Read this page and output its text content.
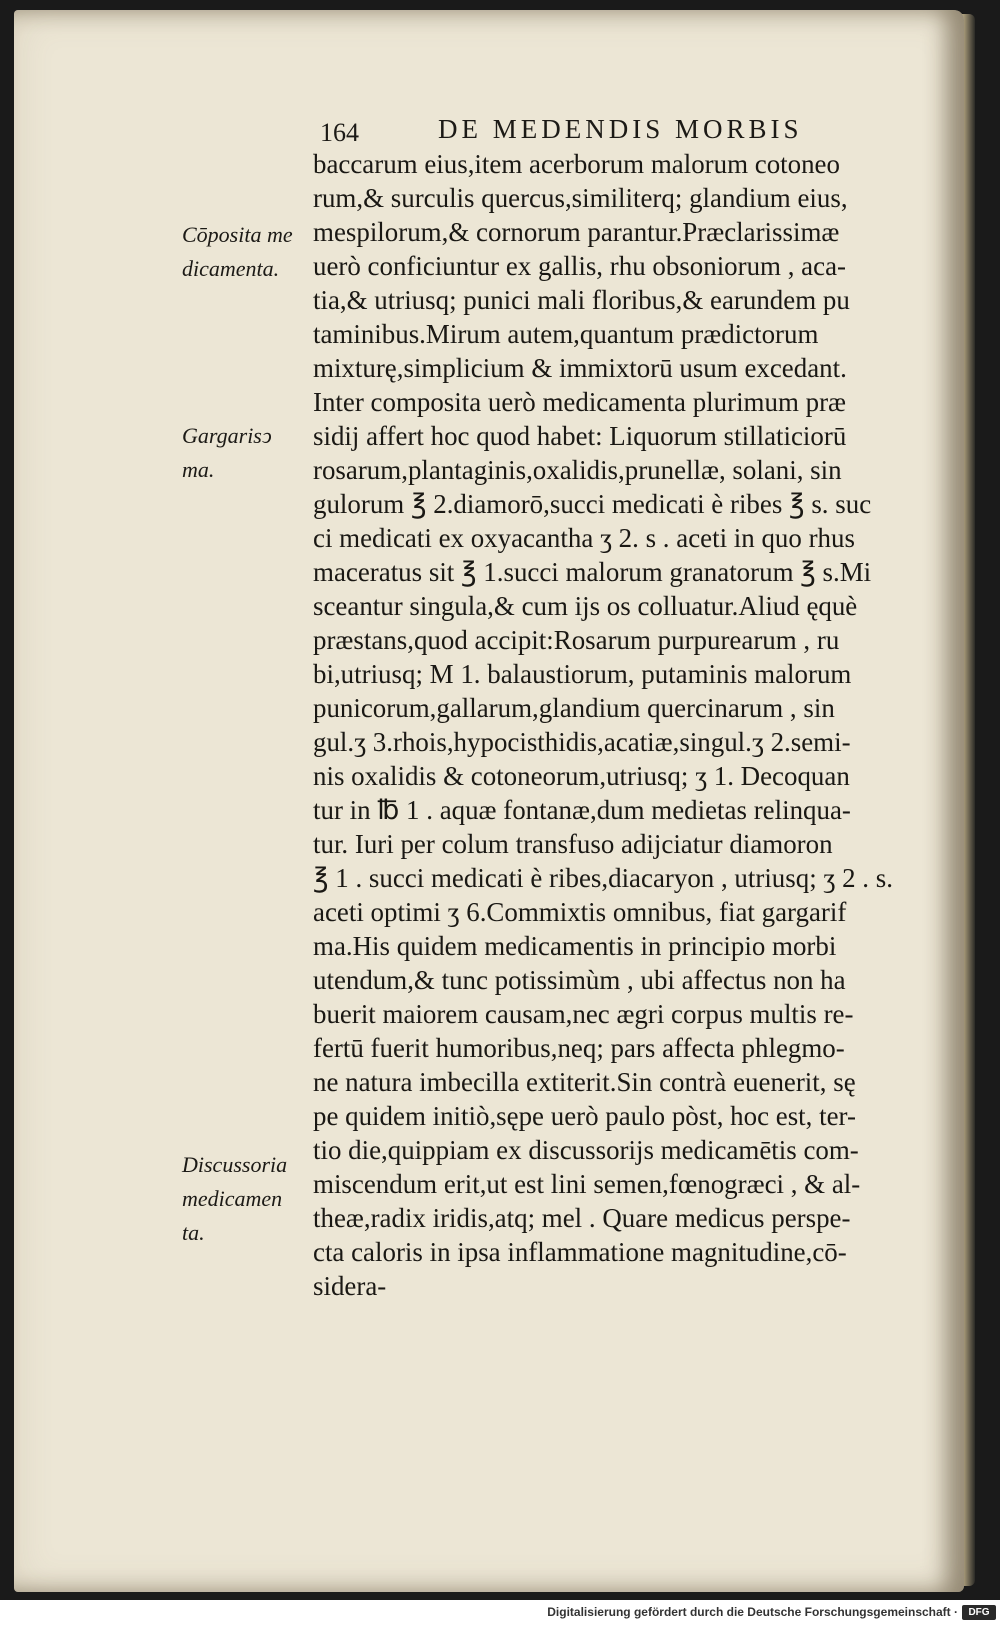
164	DE MEDENDIS MORBIS
Cōposita me
dicamenta.
Gargarisͻ
ma.
Discussoria
medicamen
ta.
baccarum eius,item acerborum malorum cotoneo
rum,& surculis quercus,similiterq; glandium eius,
mespilorum,& cornorum parantur.Præclarissimæ
uerò conficiuntur ex gallis, rhu obsoniorum , aca-
tia,& utriusq; punici mali floribus,& earundem pu
taminibus.Mirum autem,quantum prædictorum
mixturę,simplicium & immixtorū usum excedant.
Inter composita uerò medicamenta plurimum præ
sidij affert hoc quod habet: Liquorum stillaticiorū
rosarum,plantaginis,oxalidis,prunellæ, solani, sin
gulorum ℥ 2.diamorō,succi medicati è ribes ℥ s. suc
ci medicati ex oxyacantha ʒ 2. s . aceti in quo rhus
maceratus sit ℥ 1.succi malorum granatorum ℥ s.Mi
sceantur singula,& cum ijs os colluatur.Aliud ęquè
præstans,quod accipit:Rosarum purpurearum , ru
bi,utriusq; M 1. balaustiorum, putaminis malorum
punicorum,gallarum,glandium quercinarum , sin
gul.ʒ 3.rhois,hypocisthidis,acatiæ,singul.ʒ 2.semi-
nis oxalidis & cotoneorum,utriusq; ʒ 1. Decoquan
tur in ℔ 1 . aquæ fontanæ,dum medietas relinqua-
tur. Iuri per colum transfuso adijciatur diamoron
℥ 1 . succi medicati è ribes,diacaryon , utriusq; ʒ 2 . s.
aceti optimi ʒ 6.Commixtis omnibus, fiat gargarif
ma.His quidem medicamentis in principio morbi
utendum,& tunc potissimùm , ubi affectus non ha
buerit maiorem causam,nec ægri corpus multis re-
fertū fuerit humoribus,neq; pars affecta phlegmo-
ne natura imbecilla extiterit.Sin contrà euenerit, sę
pe quidem initiò,sępe uerò paulo pòst, hoc est, ter-
tio die,quippiam ex discussorijs medicamētis com-
miscendum erit,ut est lini semen,fœnogræci , & al-
theæ,radix iridis,atq; mel . Quare medicus perspe-
cta caloris in ipsa inflammatione magnitudine,cō-
sidera-
Digitalisierung gefördert durch die Deutsche Forschungsgemeinschaft ·	DFG
